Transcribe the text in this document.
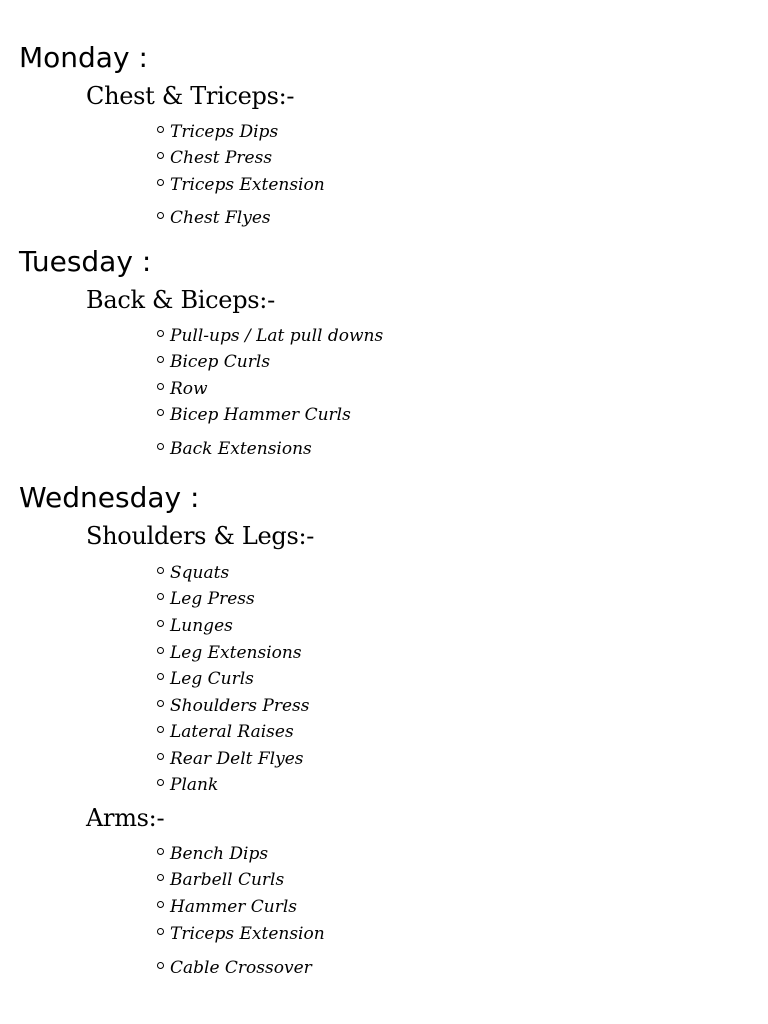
Monday :
Chest & Triceps:-
Triceps Dips
Chest Press
Triceps Extension
Chest Flyes
Tuesday :
Back & Biceps:-
Pull-ups / Lat pull downs
Bicep Curls
Row
Bicep Hammer Curls
Back Extensions
Wednesday :
Shoulders & Legs:-
Squats
Leg Press
Lunges
Leg Extensions
Leg Curls
Shoulders Press
Lateral Raises
Rear Delt Flyes
Plank
Arms:-
Bench Dips
Barbell Curls
Hammer Curls
Triceps Extension
Cable Crossover
